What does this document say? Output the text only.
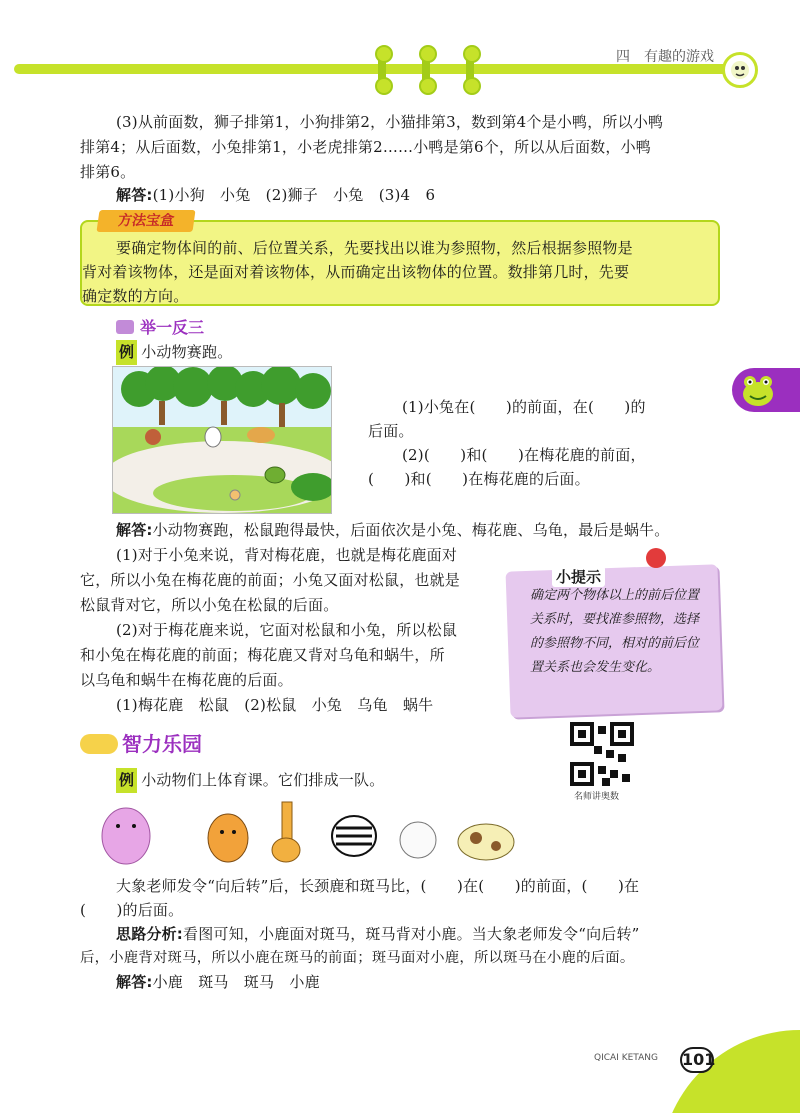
四　有趣的游戏
(3)从前面数，狮子排第1，小狗排第2，小猫排第3，数到第4个是小鸭，所以小鸭
排第4；从后面数，小兔排第1，小老虎排第2……小鸭是第6个，所以从后面数，小鸭
排第6。
解答:(1)小狗　小兔　(2)狮子　小兔　(3)4　6
方法宝盒
要确定物体间的前、后位置关系，先要找出以谁为参照物，然后根据参照物是
背对着该物体，还是面对着该物体，从而确定出该物体的位置。数排第几时，先要
确定数的方向。
举一反三
例 小动物赛跑。
(1)小兔在(　　)的前面，在(　　)的
后面。
(2)(　　)和(　　)在梅花鹿的前面，
(　　)和(　　)在梅花鹿的后面。
解答:小动物赛跑，松鼠跑得最快，后面依次是小兔、梅花鹿、乌龟，最后是蜗牛。
(1)对于小兔来说，背对梅花鹿，也就是梅花鹿面对
它，所以小兔在梅花鹿的前面；小兔又面对松鼠，也就是
松鼠背对它，所以小兔在松鼠的后面。
(2)对于梅花鹿来说，它面对松鼠和小兔，所以松鼠
和小兔在梅花鹿的前面；梅花鹿又背对乌龟和蜗牛，所
以乌龟和蜗牛在梅花鹿的后面。
(1)梅花鹿　松鼠　(2)松鼠　小兔　乌龟　蜗牛
小提示
确定两个物体以上的前后位置关系时，要找准参照物，选择的参照物不同，相对的前后位置关系也会发生变化。
智力乐园
名师讲奥数
例 小动物们上体育课。它们排成一队。
大象老师发令“向后转”后，长颈鹿和斑马比，(　　)在(　　)的前面，(　　)在
(　　)的后面。
思路分析:看图可知，小鹿面对斑马，斑马背对小鹿。当大象老师发令“向后转”
后，小鹿背对斑马，所以小鹿在斑马的前面；斑马面对小鹿，所以斑马在小鹿的后面。
解答:小鹿　斑马　斑马　小鹿
QICAI KETANG 101
